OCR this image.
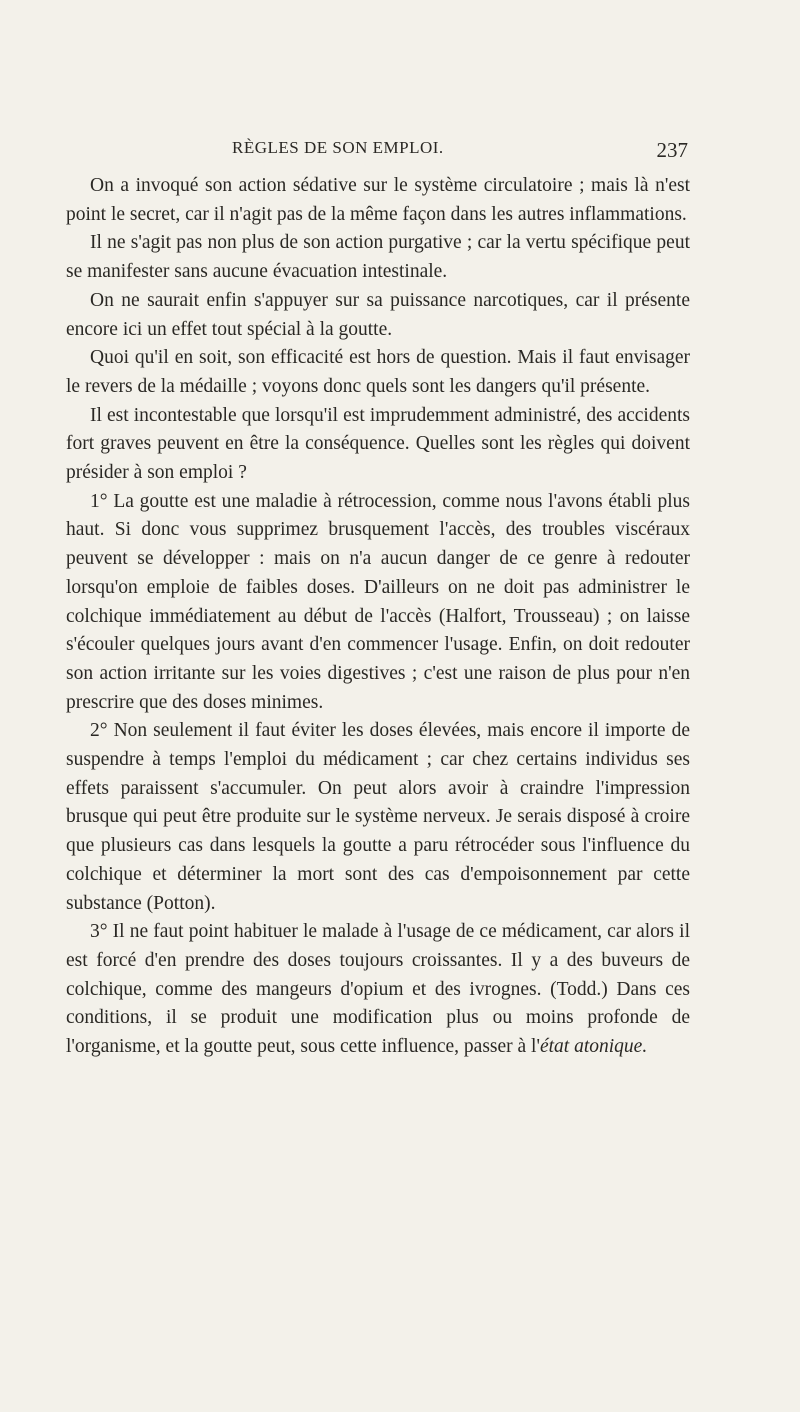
RÈGLES DE SON EMPLOI.	237

On a invoqué son action sédative sur le système circulatoire ; mais là n'est point le secret, car il n'agit pas de la même façon dans les autres inflammations.

Il ne s'agit pas non plus de son action purgative ; car la vertu spécifique peut se manifester sans aucune évacuation intestinale.

On ne saurait enfin s'appuyer sur sa puissance narcotiques, car il présente encore ici un effet tout spécial à la goutte.

Quoi qu'il en soit, son efficacité est hors de question. Mais il faut envisager le revers de la médaille ; voyons donc quels sont les dangers qu'il présente.

Il est incontestable que lorsqu'il est imprudemment administré, des accidents fort graves peuvent en être la conséquence. Quelles sont les règles qui doivent présider à son emploi ?

1° La goutte est une maladie à rétrocession, comme nous l'avons établi plus haut. Si donc vous supprimez brusquement l'accès, des troubles viscéraux peuvent se développer : mais on n'a aucun danger de ce genre à redouter lorsqu'on emploie de faibles doses. D'ailleurs on ne doit pas administrer le colchique immédiatement au début de l'accès (Halfort, Trousseau) ; on laisse s'écouler quelques jours avant d'en commencer l'usage. Enfin, on doit redouter son action irritante sur les voies digestives ; c'est une raison de plus pour n'en prescrire que des doses minimes.

2° Non seulement il faut éviter les doses élevées, mais encore il importe de suspendre à temps l'emploi du médicament ; car chez certains individus ses effets paraissent s'accumuler. On peut alors avoir à craindre l'impression brusque qui peut être produite sur le système nerveux. Je serais disposé à croire que plusieurs cas dans lesquels la goutte a paru rétrocéder sous l'influence du colchique et déterminer la mort sont des cas d'empoisonnement par cette substance (Potton).

3° Il ne faut point habituer le malade à l'usage de ce médicament, car alors il est forcé d'en prendre des doses toujours croissantes. Il y a des buveurs de colchique, comme des mangeurs d'opium et des ivrognes. (Todd.) Dans ces conditions, il se produit une modification plus ou moins profonde de l'organisme, et la goutte peut, sous cette influence, passer à l'état atonique.
